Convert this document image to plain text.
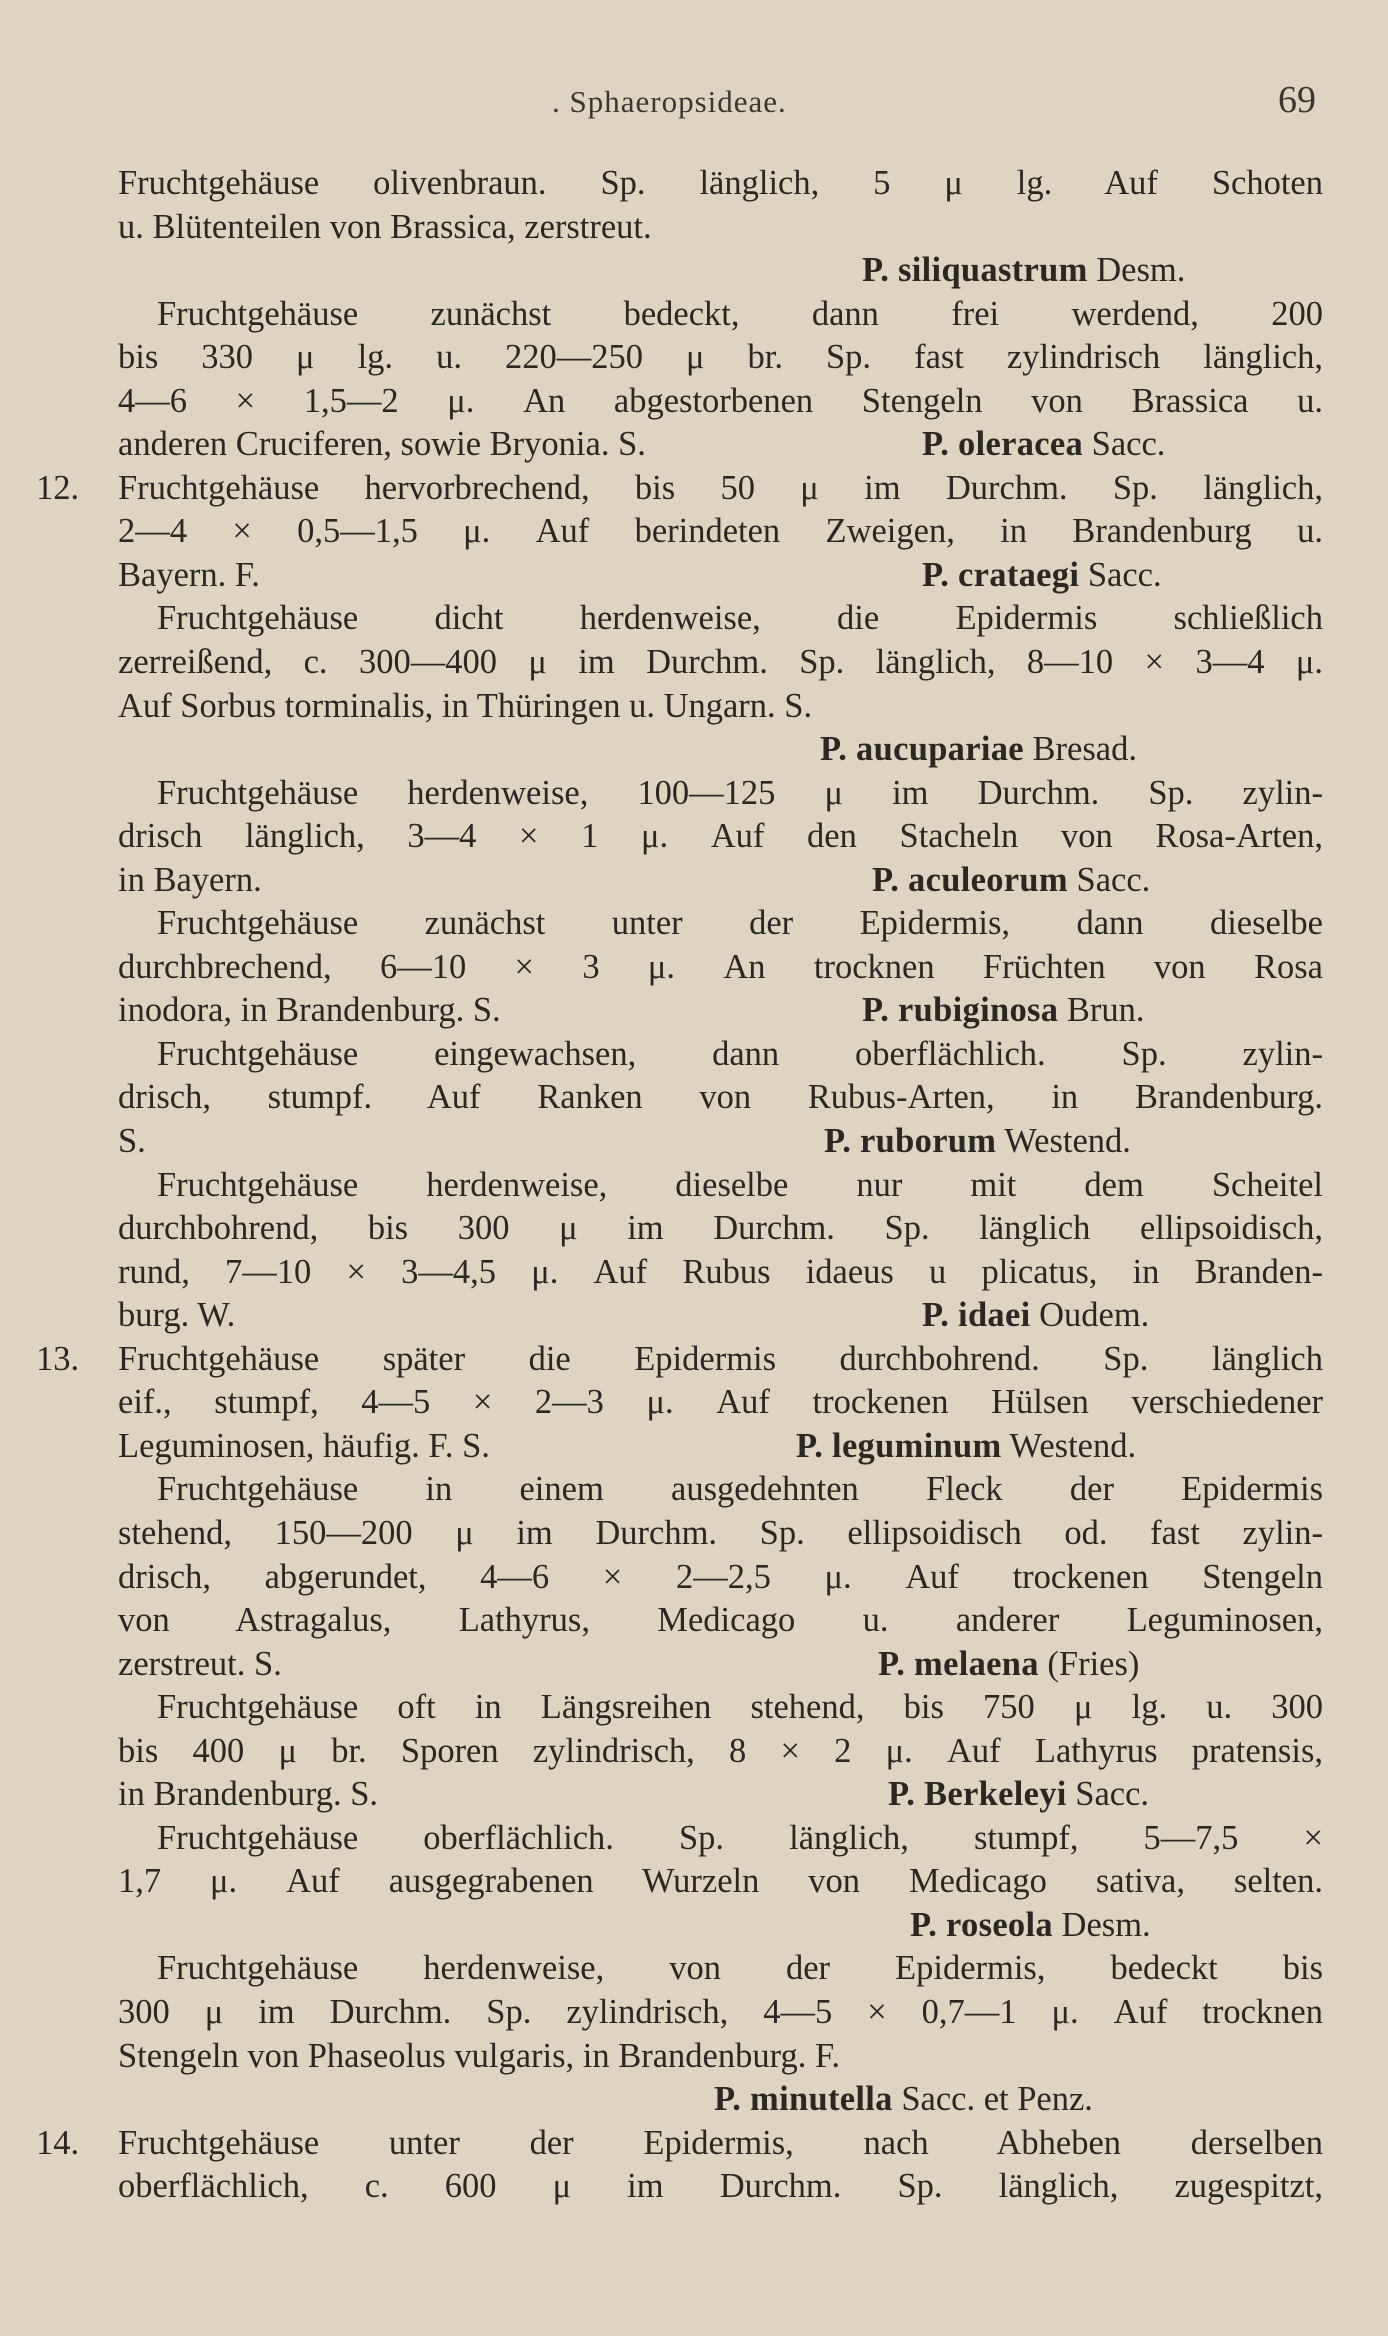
. Sphaeropsideae.	69
Fruchtgehäuse olivenbraun. Sp. länglich, 5 μ lg. Auf Schoten
u. Blütenteilen von Brassica, zerstreut.
P. siliquastrum Desm.
Fruchtgehäuse zunächst bedeckt, dann frei werdend, 200
bis 330 μ lg. u. 220—250 μ br. Sp. fast zylindrisch länglich,
4—6 × 1,5—2 μ. An abgestorbenen Stengeln von Brassica u.
anderen Cruciferen, sowie Bryonia. S.	P. oleracea Sacc.
12.	Fruchtgehäuse hervorbrechend, bis 50 μ im Durchm. Sp. länglich,
2—4 × 0,5—1,5 μ. Auf berindeten Zweigen, in Brandenburg u.
Bayern. F.	P. crataegi Sacc.
Fruchtgehäuse dicht herdenweise, die Epidermis schließlich
zerreißend, c. 300—400 μ im Durchm. Sp. länglich, 8—10 × 3—4 μ.
Auf Sorbus torminalis, in Thüringen u. Ungarn. S.
P. aucupariae Bresad.
Fruchtgehäuse herdenweise, 100—125 μ im Durchm. Sp. zylin-
drisch länglich, 3—4 × 1 μ. Auf den Stacheln von Rosa-Arten,
in Bayern.	P. aculeorum Sacc.
Fruchtgehäuse zunächst unter der Epidermis, dann dieselbe
durchbrechend, 6—10 × 3 μ. An trocknen Früchten von Rosa
inodora, in Brandenburg. S.	P. rubiginosa Brun.
Fruchtgehäuse eingewachsen, dann oberflächlich. Sp. zylin-
drisch, stumpf. Auf Ranken von Rubus-Arten, in Brandenburg.
S.	P. ruborum Westend.
Fruchtgehäuse herdenweise, dieselbe nur mit dem Scheitel
durchbohrend, bis 300 μ im Durchm. Sp. länglich ellipsoidisch,
rund, 7—10 × 3—4,5 μ. Auf Rubus idaeus u plicatus, in Branden-
burg. W.	P. idaei Oudem.
13.	Fruchtgehäuse später die Epidermis durchbohrend. Sp. länglich
eif., stumpf, 4—5 × 2—3 μ. Auf trockenen Hülsen verschiedener
Leguminosen, häufig. F. S.	P. leguminum Westend.
Fruchtgehäuse in einem ausgedehnten Fleck der Epidermis
stehend, 150—200 μ im Durchm. Sp. ellipsoidisch od. fast zylin-
drisch, abgerundet, 4—6 × 2—2,5 μ. Auf trockenen Stengeln
von Astragalus, Lathyrus, Medicago u. anderer Leguminosen,
zerstreut. S.	P. melaena (Fries)
Fruchtgehäuse oft in Längsreihen stehend, bis 750 μ lg. u. 300
bis 400 μ br. Sporen zylindrisch, 8 × 2 μ. Auf Lathyrus pratensis,
in Brandenburg. S.	P. Berkeleyi Sacc.
Fruchtgehäuse oberflächlich. Sp. länglich, stumpf, 5—7,5 ×
1,7 μ. Auf ausgegrabenen Wurzeln von Medicago sativa, selten.
P. roseola Desm.
Fruchtgehäuse herdenweise, von der Epidermis, bedeckt bis
300 μ im Durchm. Sp. zylindrisch, 4—5 × 0,7—1 μ. Auf trocknen
Stengeln von Phaseolus vulgaris, in Brandenburg. F.
P. minutella Sacc. et Penz.
14.	Fruchtgehäuse unter der Epidermis, nach Abheben derselben
oberflächlich, c. 600 μ im Durchm. Sp. länglich, zugespitzt,
